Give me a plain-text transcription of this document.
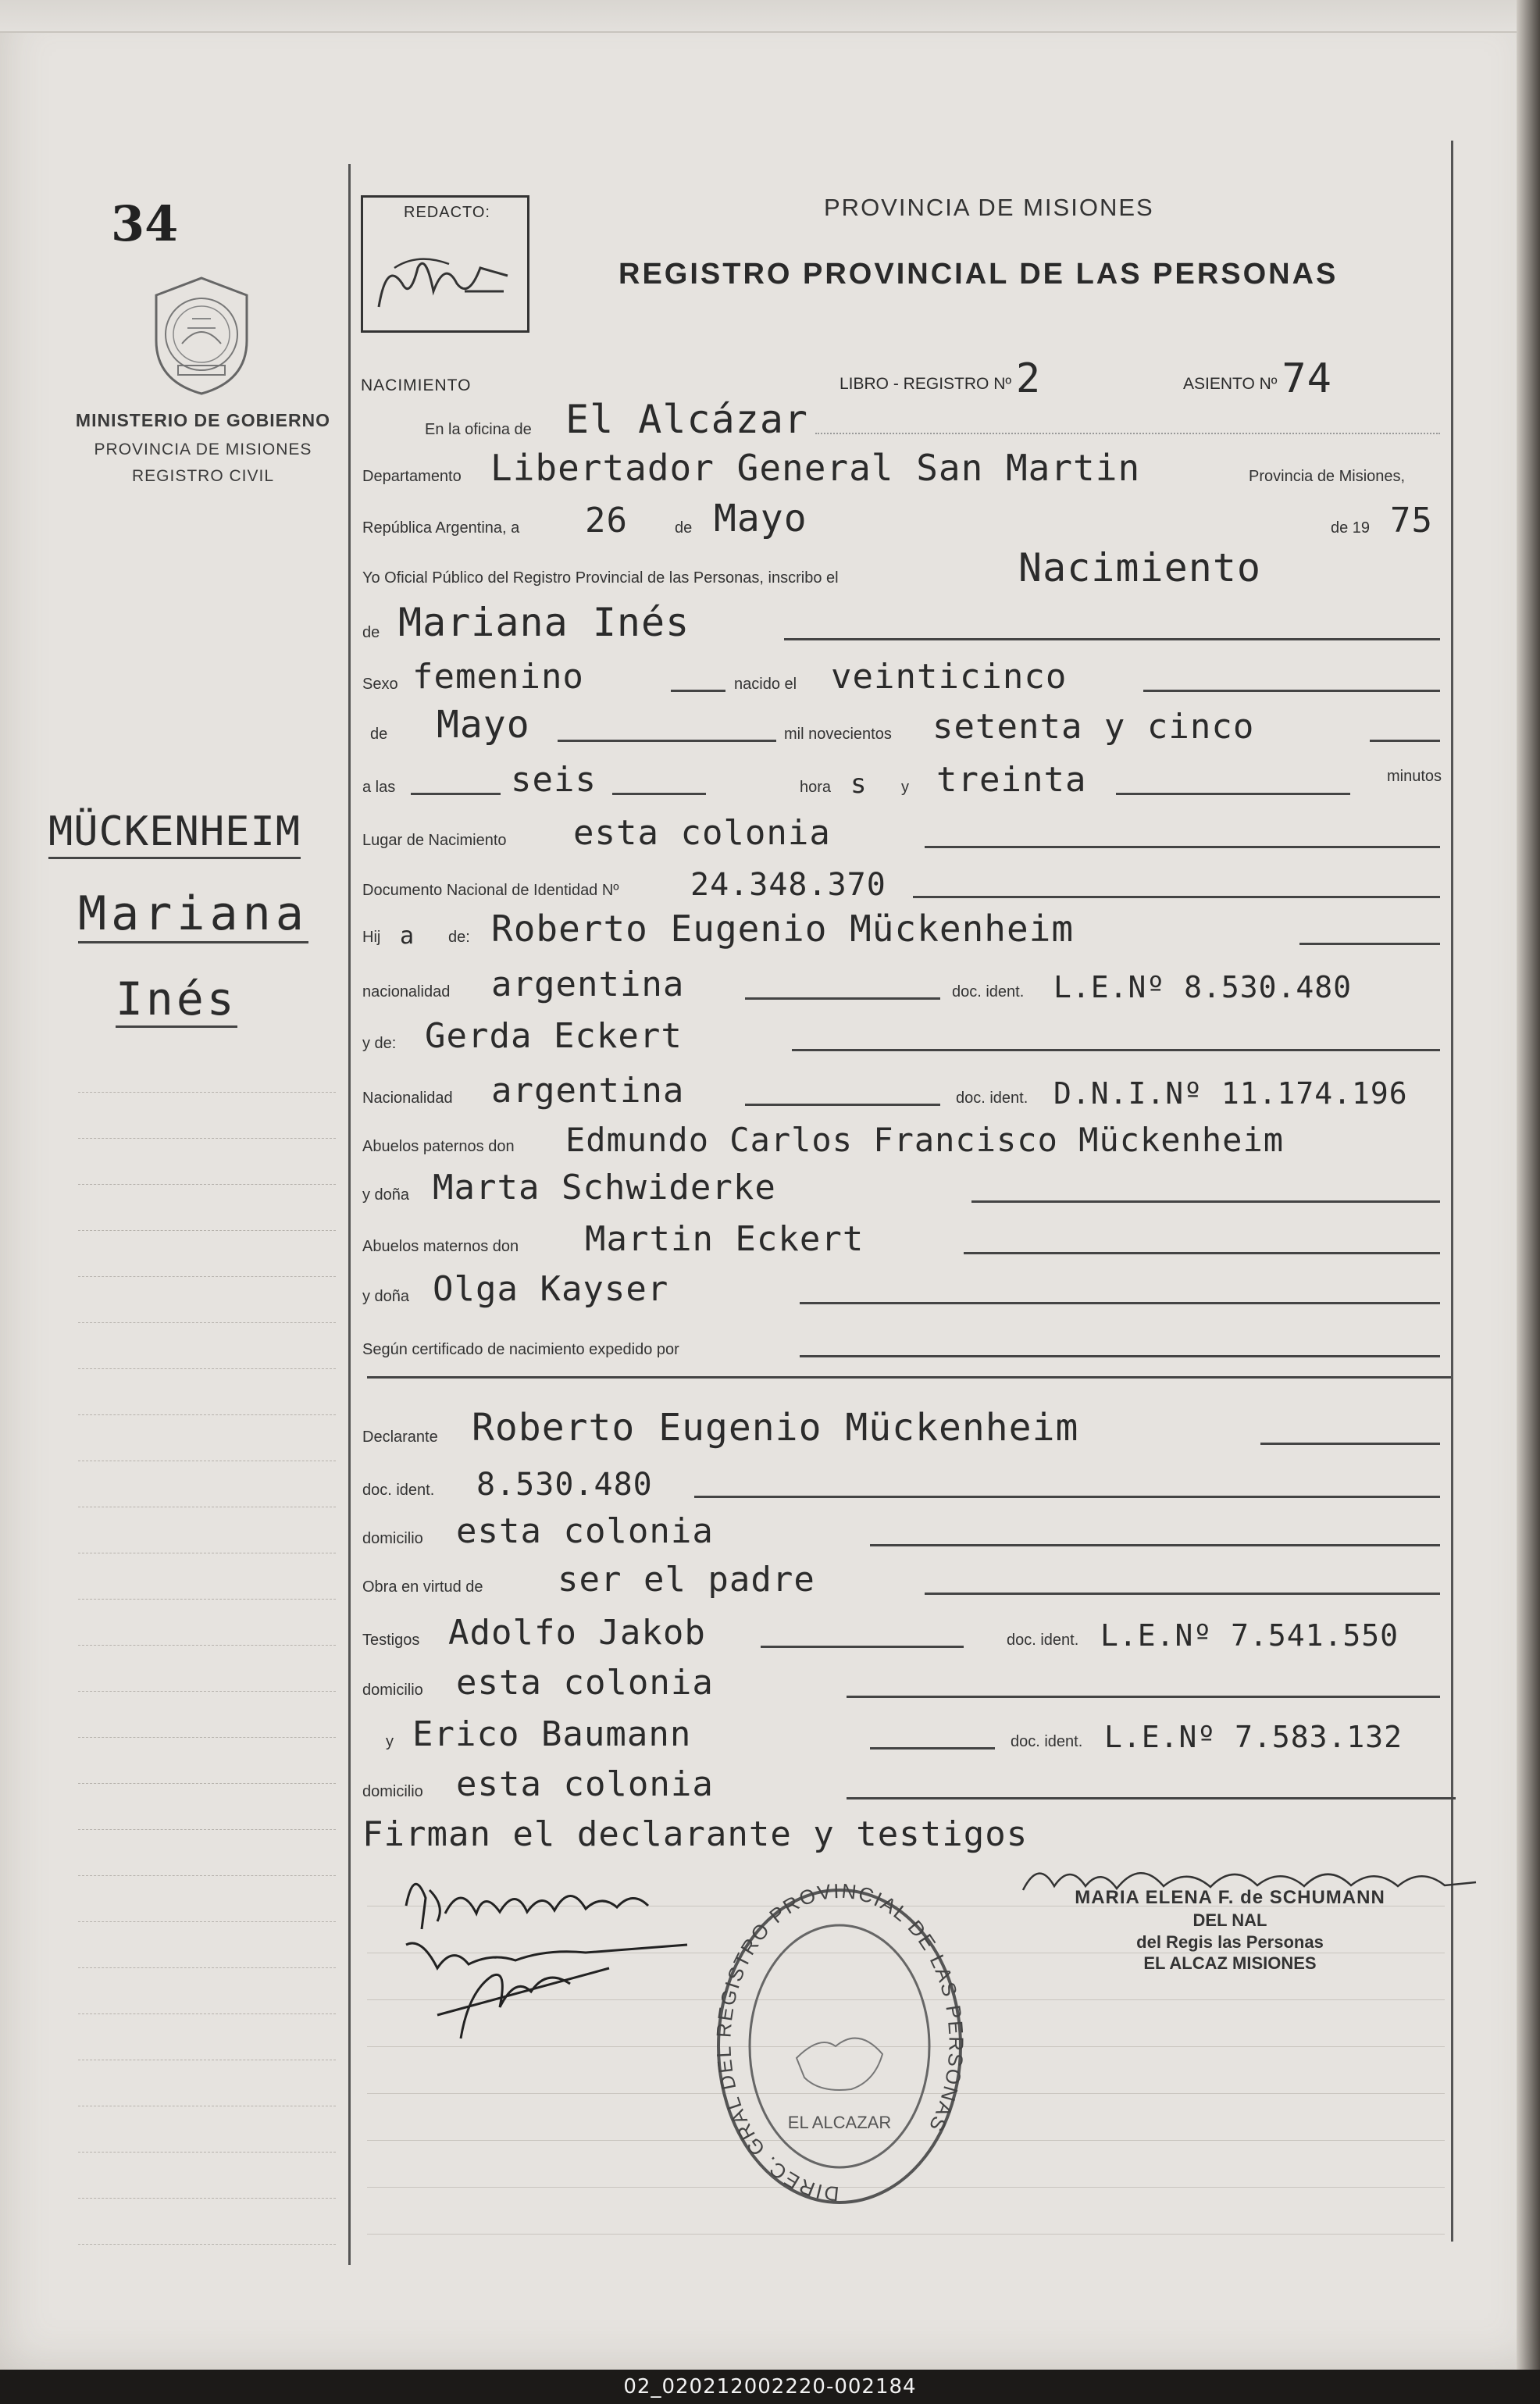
34
MINISTERIO DE GOBIERNO
PROVINCIA DE MISIONES
REGISTRO CIVIL
MÜCKENHEIM
Mariana
Inés
REDACTO:	PROVINCIA DE MISIONES
REGISTRO PROVINCIAL DE LAS PERSONAS
NACIMIENTO	LIBRO - REGISTRO Nº 2	ASIENTO Nº 74
En la oficina de El Alcázar
Departamento Libertador General San Martin	Provincia de Misiones,
República Argentina, a 26	de Mayo	de 19 75
Yo Oficial Público del Registro Provincial de las Personas, inscribo el	Nacimiento
de Mariana Inés
Sexo femenino	nacido el veinticinco
de Mayo	mil novecientos setenta y cinco
a las	seis	hora s y treinta	minutos
Lugar de Nacimiento esta colonia
Documento Nacional de Identidad Nº 24.348.370
Hij a de: Roberto Eugenio Mückenheim
nacionalidad argentina	doc. ident. L.E.Nº 8.530.480
y de: Gerda Eckert
Nacionalidad argentina	doc. ident. D.N.I.Nº 11.174.196
Abuelos paternos don Edmundo Carlos Francisco Mückenheim
y doña Marta Schwiderke
Abuelos maternos don Martin Eckert
y doña Olga Kayser
Según certificado de nacimiento expedido por
Declarante Roberto Eugenio Mückenheim
doc. ident. 8.530.480
domicilio esta colonia
Obra en virtud de ser el padre
Testigos Adolfo Jakob	doc. ident. L.E.Nº 7.541.550
domicilio esta colonia
y Erico Baumann	doc. ident. L.E.Nº 7.583.132
domicilio esta colonia
Firman el declarante y testigos
MARIA ELENA F. de SCHUMANN
DEL NAL
del Regis las Personas
EL ALCAZ MISIONES
DIREC. GRAL DEL REGISTRO PROVINCIAL DE LAS PERSONAS
EL ALCAZAR
02_020212002220-002184
